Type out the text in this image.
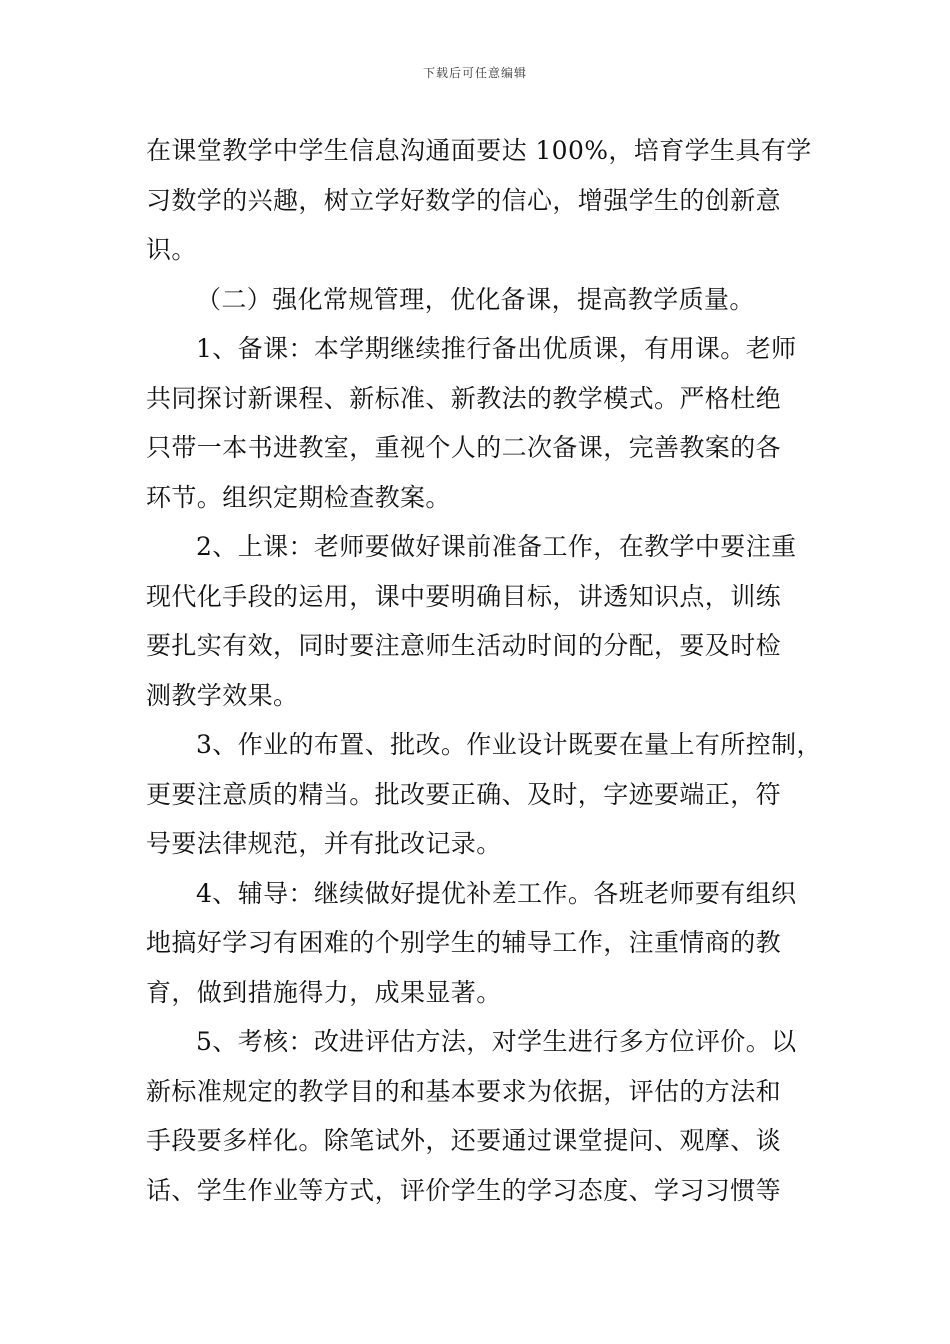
下载后可任意编辑
在课堂教学中学生信息沟通面要达 100%，培育学生具有学
习数学的兴趣，树立学好数学的信心，增强学生的创新意
识。
（二）强化常规管理，优化备课，提高教学质量。
1、备课：本学期继续推行备出优质课，有用课。老师
共同探讨新课程、新标准、新教法的教学模式。严格杜绝
只带一本书进教室，重视个人的二次备课，完善教案的各
环节。组织定期检查教案。
2、上课：老师要做好课前准备工作，在教学中要注重
现代化手段的运用，课中要明确目标，讲透知识点，训练
要扎实有效，同时要注意师生活动时间的分配，要及时检
测教学效果。
3、作业的布置、批改。作业设计既要在量上有所控制，
更要注意质的精当。批改要正确、及时，字迹要端正，符
号要法律规范，并有批改记录。
4、辅导：继续做好提优补差工作。各班老师要有组织
地搞好学习有困难的个别学生的辅导工作，注重情商的教
育，做到措施得力，成果显著。
5、考核：改进评估方法，对学生进行多方位评价。以
新标准规定的教学目的和基本要求为依据，评估的方法和
手段要多样化。除笔试外，还要通过课堂提问、观摩、谈
话、学生作业等方式，评价学生的学习态度、学习习惯等
